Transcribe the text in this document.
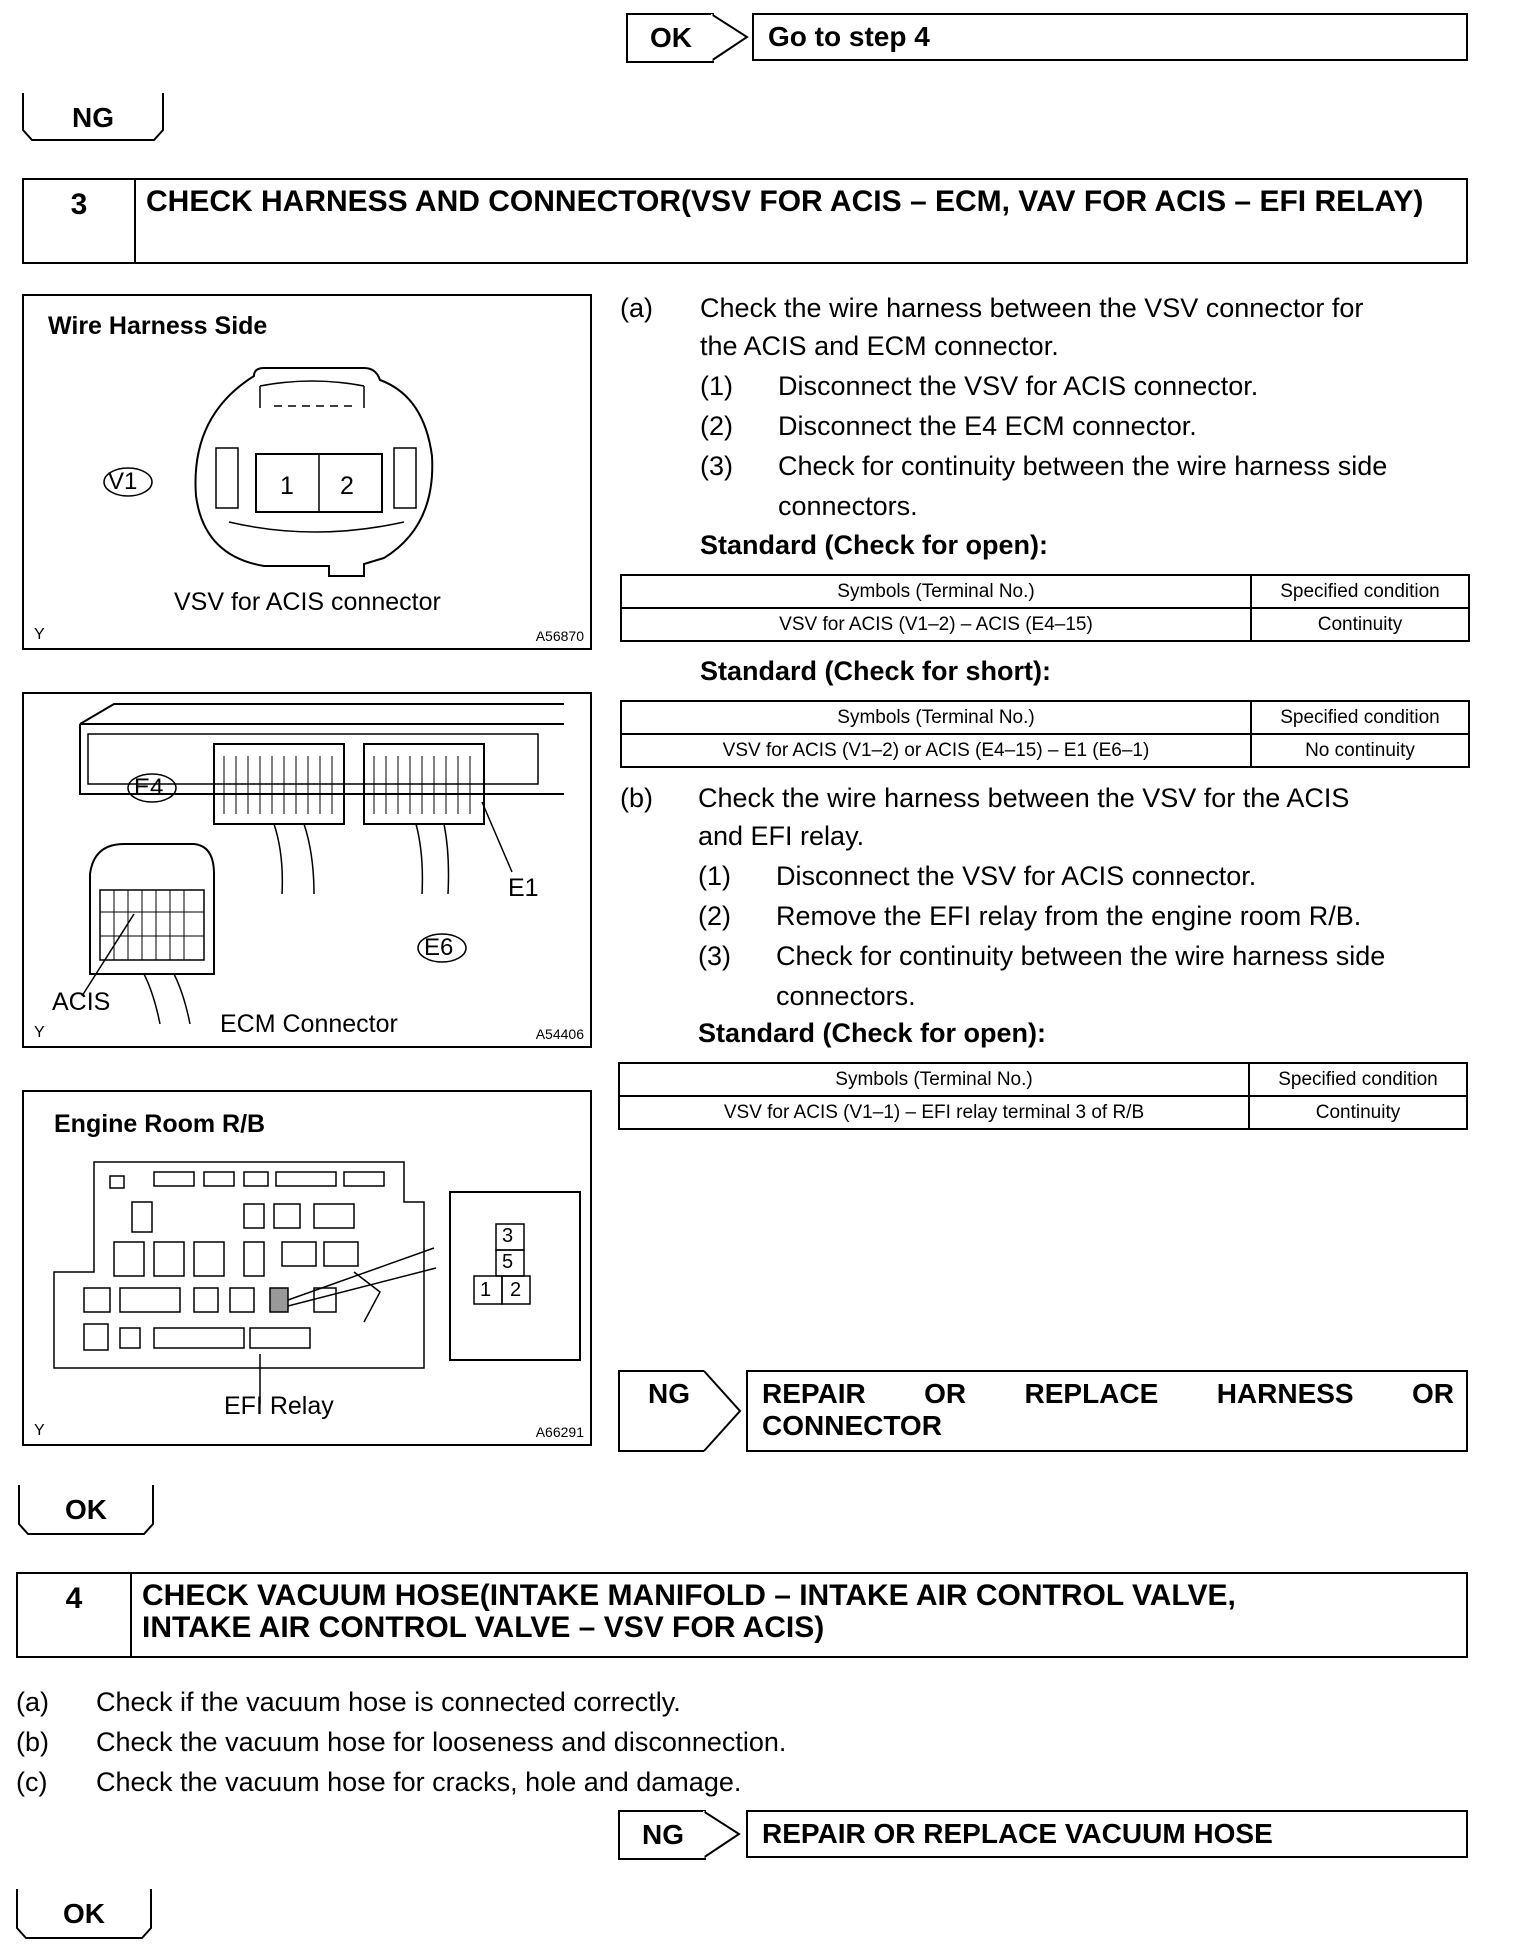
OK	Go to step 4
NG
3	CHECK HARNESS AND CONNECTOR(VSV FOR ACIS – ECM, VAV FOR ACIS – EFI RELAY)
Wire Harness Side
V1	1 2
VSV for ACIS connector
Y	A56870
E4
E1
E6
ACIS
ECM Connector
Y	A54406
Engine Room R/B
3
5
1 2
EFI Relay
Y	A66291
(a) Check the wire harness between the VSV connector for
the ACIS and ECM connector.
(1) Disconnect the VSV for ACIS connector.
(2) Disconnect the E4 ECM connector.
(3) Check for continuity between the wire harness side
connectors.
Standard (Check for open):
Symbols (Terminal No.)	Specified condition
VSV for ACIS (V1–2) – ACIS (E4–15)	Continuity
Standard (Check for short):
Symbols (Terminal No.)	Specified condition
VSV for ACIS (V1–2) or ACIS (E4–15) – E1 (E6–1)	No continuity
(b) Check the wire harness between the VSV for the ACIS
and EFI relay.
(1) Disconnect the VSV for ACIS connector.
(2) Remove the EFI relay from the engine room R/B.
(3) Check for continuity between the wire harness side
connectors.
Standard (Check for open):
Symbols (Terminal No.)	Specified condition
VSV for ACIS (V1–1) – EFI relay terminal 3 of R/B	Continuity
NG	REPAIR OR REPLACE HARNESS OR
CONNECTOR
OK
4	CHECK VACUUM HOSE(INTAKE MANIFOLD – INTAKE AIR CONTROL VALVE,
INTAKE AIR CONTROL VALVE – VSV FOR ACIS)
(a) Check if the vacuum hose is connected correctly.
(b) Check the vacuum hose for looseness and disconnection.
(c) Check the vacuum hose for cracks, hole and damage.
NG	REPAIR OR REPLACE VACUUM HOSE
OK
